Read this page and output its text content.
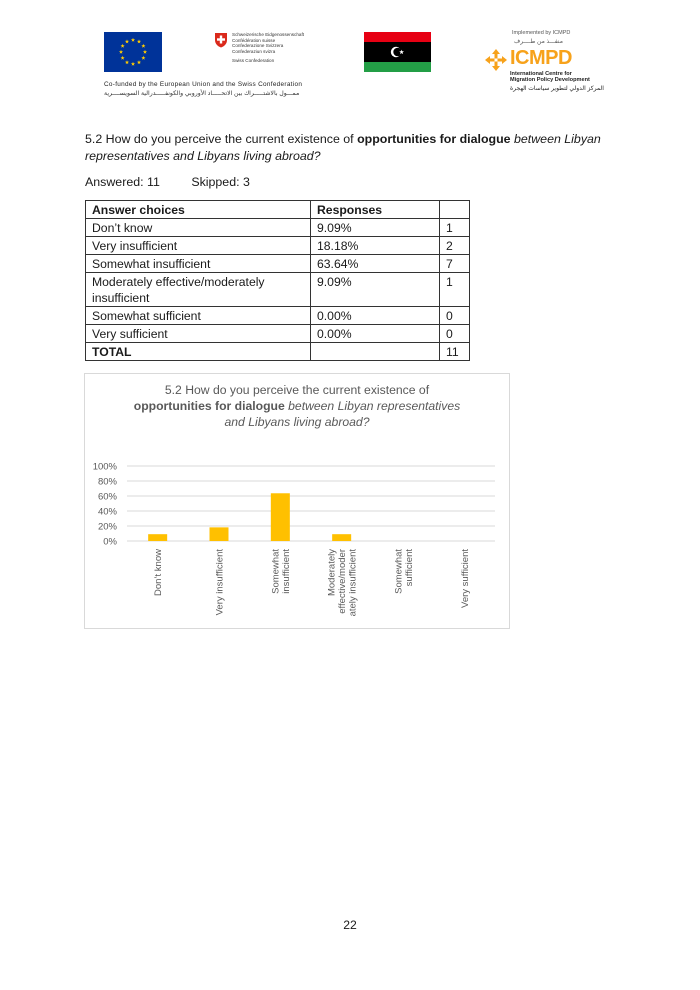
Schweizerische Eidgenossenschaft
Confédération suisse
Confederazione Svizzera
Confederaziun svizra
Swiss Confederation
Implemented by ICMPD
منفـــذ من طــــرف
ICMPD
International Centre for
Migration Policy Development
المركز الدولي لتطوير سياسات الهجرة
Co-funded by the European Union and the Swiss Confederation
ممـــول بالاشتـــــراك بين الاتحـــــاد الأوروبي والكونفـــــدرالية السويســــرية
5.2 How do you perceive the current existence of opportunities for dialogue between Libyan representatives and Libyans living abroad?
Answered: 11	Skipped: 3
Answer choices	Responses	
Don’t know	9.09%	1
Very insufficient	18.18%	2
Somewhat insufficient	63.64%	7
Moderately effective/moderately insufficient	9.09%	1
Somewhat sufficient	0.00%	0
Very sufficient	0.00%	0
TOTAL		11
5.2 How do you perceive the current existence of
opportunities for dialogue between Libyan representatives
and Libyans living abroad?
0%
20%
40%
60%
80%
100%
Don’t know	Very insufficient	Somewhat insufficient	Moderately effective/moder ately insufficient	Somewhat sufficient	Very sufficient
22
